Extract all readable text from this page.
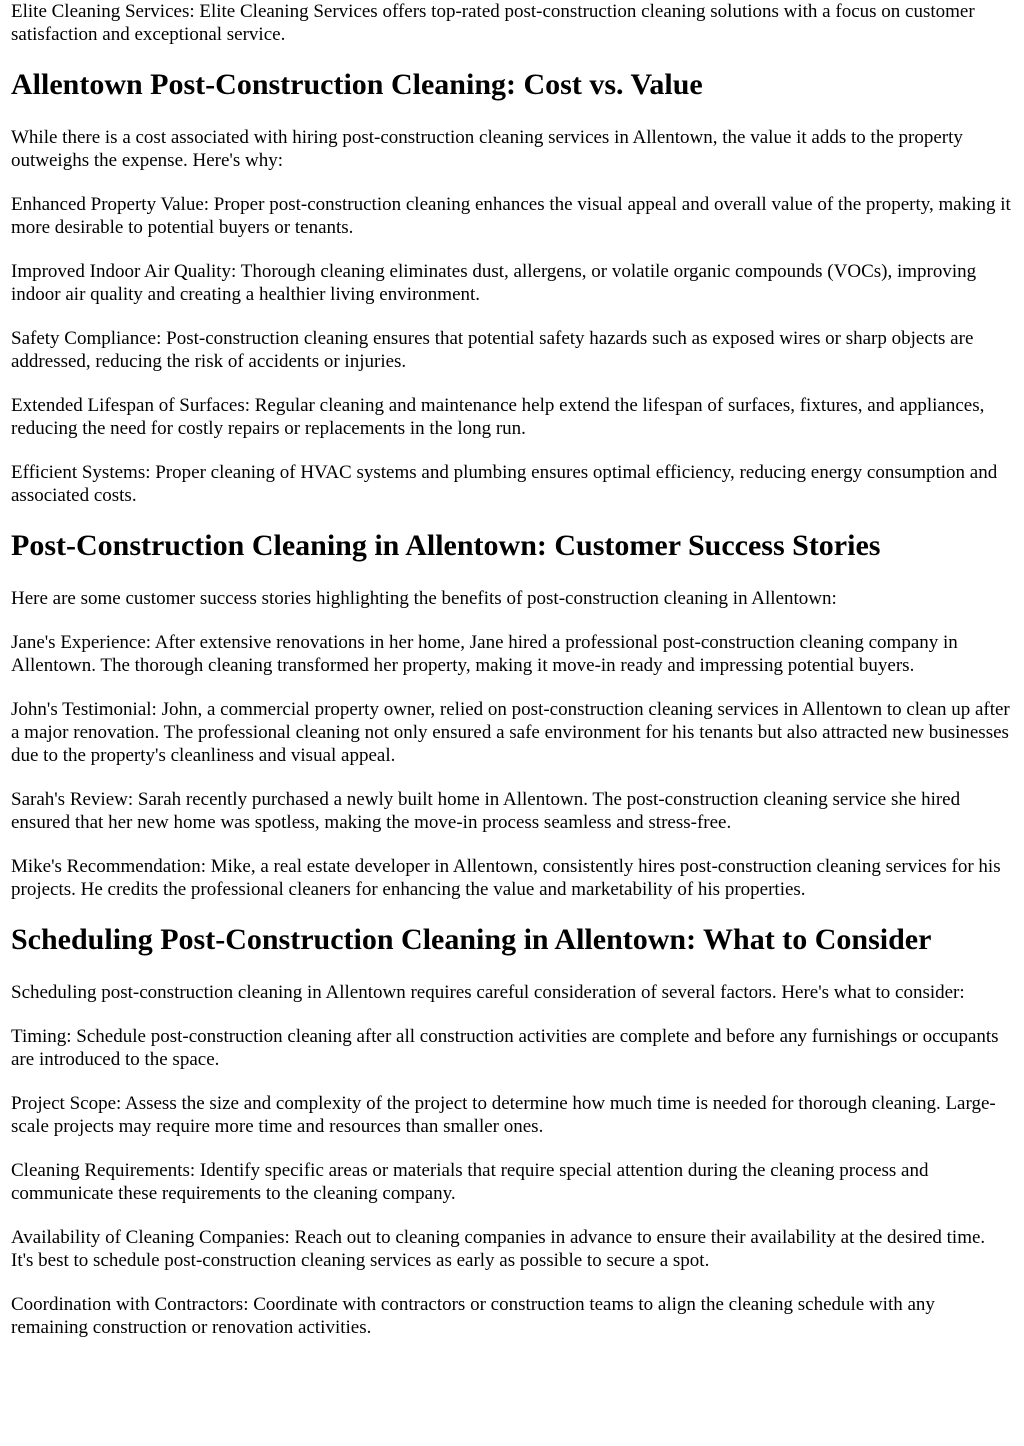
Elite Cleaning Services: Elite Cleaning Services offers top-rated post-construction cleaning solutions with a focus on customer satisfaction and exceptional service.

Allentown Post-Construction Cleaning: Cost vs. Value

While there is a cost associated with hiring post-construction cleaning services in Allentown, the value it adds to the property outweighs the expense. Here's why:

Enhanced Property Value: Proper post-construction cleaning enhances the visual appeal and overall value of the property, making it more desirable to potential buyers or tenants.

Improved Indoor Air Quality: Thorough cleaning eliminates dust, allergens, or volatile organic compounds (VOCs), improving indoor air quality and creating a healthier living environment.

Safety Compliance: Post-construction cleaning ensures that potential safety hazards such as exposed wires or sharp objects are addressed, reducing the risk of accidents or injuries.

Extended Lifespan of Surfaces: Regular cleaning and maintenance help extend the lifespan of surfaces, fixtures, and appliances, reducing the need for costly repairs or replacements in the long run.

Efficient Systems: Proper cleaning of HVAC systems and plumbing ensures optimal efficiency, reducing energy consumption and associated costs.

Post-Construction Cleaning in Allentown: Customer Success Stories

Here are some customer success stories highlighting the benefits of post-construction cleaning in Allentown:

Jane's Experience: After extensive renovations in her home, Jane hired a professional post-construction cleaning company in Allentown. The thorough cleaning transformed her property, making it move-in ready and impressing potential buyers.

John's Testimonial: John, a commercial property owner, relied on post-construction cleaning services in Allentown to clean up after a major renovation. The professional cleaning not only ensured a safe environment for his tenants but also attracted new businesses due to the property's cleanliness and visual appeal.

Sarah's Review: Sarah recently purchased a newly built home in Allentown. The post-construction cleaning service she hired ensured that her new home was spotless, making the move-in process seamless and stress-free.

Mike's Recommendation: Mike, a real estate developer in Allentown, consistently hires post-construction cleaning services for his projects. He credits the professional cleaners for enhancing the value and marketability of his properties.

Scheduling Post-Construction Cleaning in Allentown: What to Consider

Scheduling post-construction cleaning in Allentown requires careful consideration of several factors. Here's what to consider:

Timing: Schedule post-construction cleaning after all construction activities are complete and before any furnishings or occupants are introduced to the space.

Project Scope: Assess the size and complexity of the project to determine how much time is needed for thorough cleaning. Large-scale projects may require more time and resources than smaller ones.

Cleaning Requirements: Identify specific areas or materials that require special attention during the cleaning process and communicate these requirements to the cleaning company.

Availability of Cleaning Companies: Reach out to cleaning companies in advance to ensure their availability at the desired time. It's best to schedule post-construction cleaning services as early as possible to secure a spot.

Coordination with Contractors: Coordinate with contractors or construction teams to align the cleaning schedule with any remaining construction or renovation activities.
